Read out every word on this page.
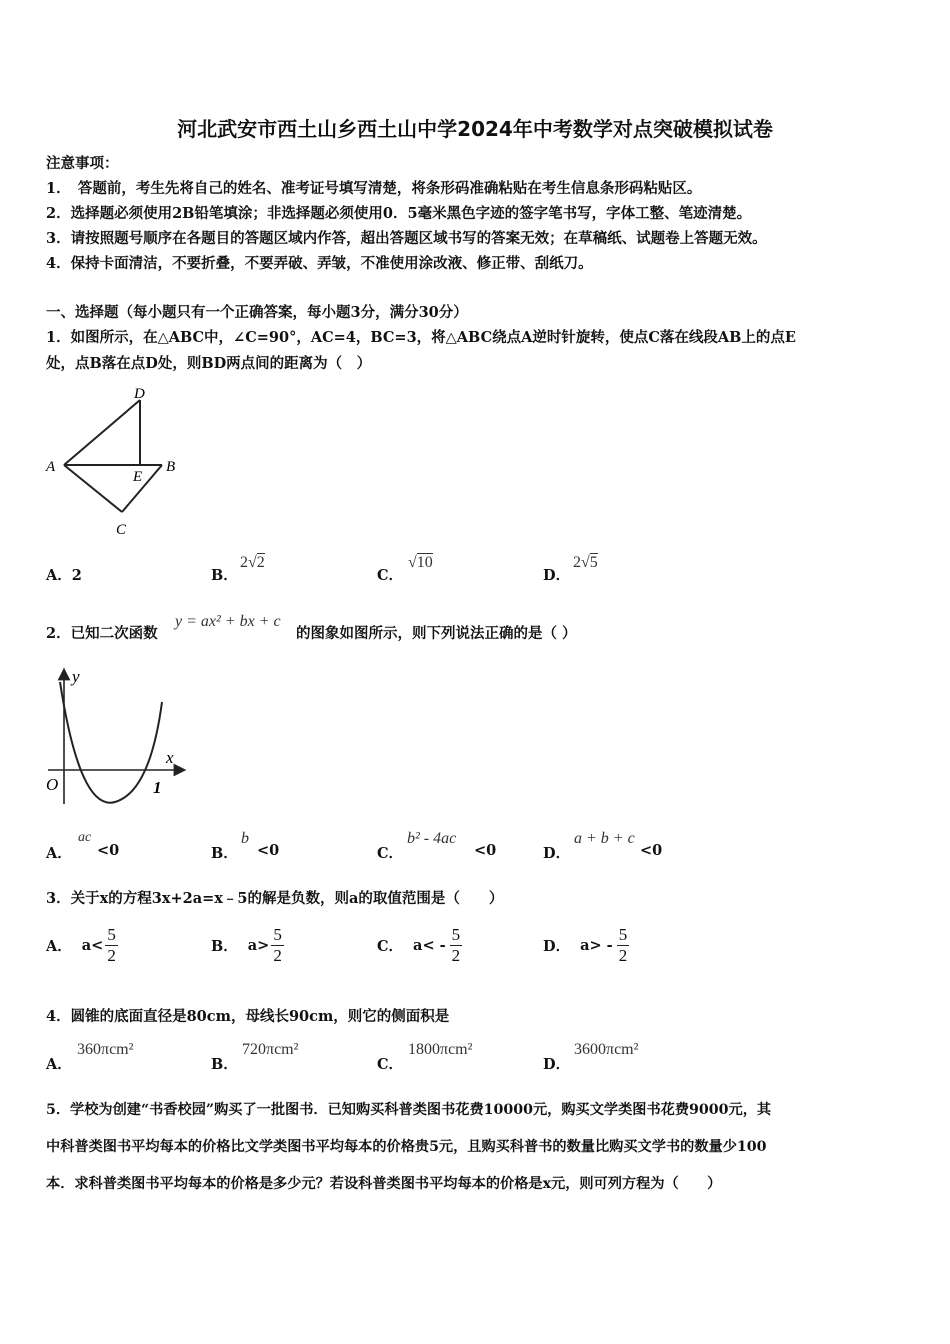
河北武安市西土山乡西土山中学2024年中考数学对点突破模拟试卷
注意事项：
1．　答题前，考生先将自己的姓名、准考证号填写清楚，将条形码准确粘贴在考生信息条形码粘贴区。
2．选择题必须使用2B铅笔填涂；非选择题必须使用0．5毫米黑色字迹的签字笔书写，字体工整、笔迹清楚。
3．请按照题号顺序在各题目的答题区域内作答，超出答题区域书写的答案无效；在草稿纸、试题卷上答题无效。
4．保持卡面清洁，不要折叠，不要弄破、弄皱，不准使用涂改液、修正带、刮纸刀。
一、选择题（每小题只有一个正确答案，每小题3分，满分30分）
1．如图所示，在△ABC中，∠C=90°，AC=4，BC=3，将△ABC绕点A逆时针旋转，使点C落在线段AB上的点E
处，点B落在点D处，则BD两点间的距离为（　）
D
A
E
B
C
A．2	B．
2√2
C．
√10
D．
2√5
2．已知二次函数
y = ax² + bx + c
的图象如图所示，则下列说法正确的是（ ）
y
x
O	1
A．
ac
<0	B．
b
<0	C．
b² - 4ac
<0	D．
a + b + c
<0
3．关于x的方程3x+2a=x﹣5的解是负数，则a的取值范围是（　　）
A． $a< \frac{5}{2}$	B． $a> \frac{5}{2}$	C． $a< - \frac{5}{2}$	D． $a> - \frac{5}{2}$
4．圆锥的底面直径是80cm，母线长90cm，则它的侧面积是
A．
360πcm²
B．
720πcm²
C．
1800πcm²
D．
3600πcm²
5．学校为创建“书香校园”购买了一批图书．已知购买科普类图书花费10000元，购买文学类图书花费9000元，其
中科普类图书平均每本的价格比文学类图书平均每本的价格贵5元，且购买科普书的数量比购买文学书的数量少100
本．求科普类图书平均每本的价格是多少元？若设科普类图书平均每本的价格是x元，则可列方程为（　　）
